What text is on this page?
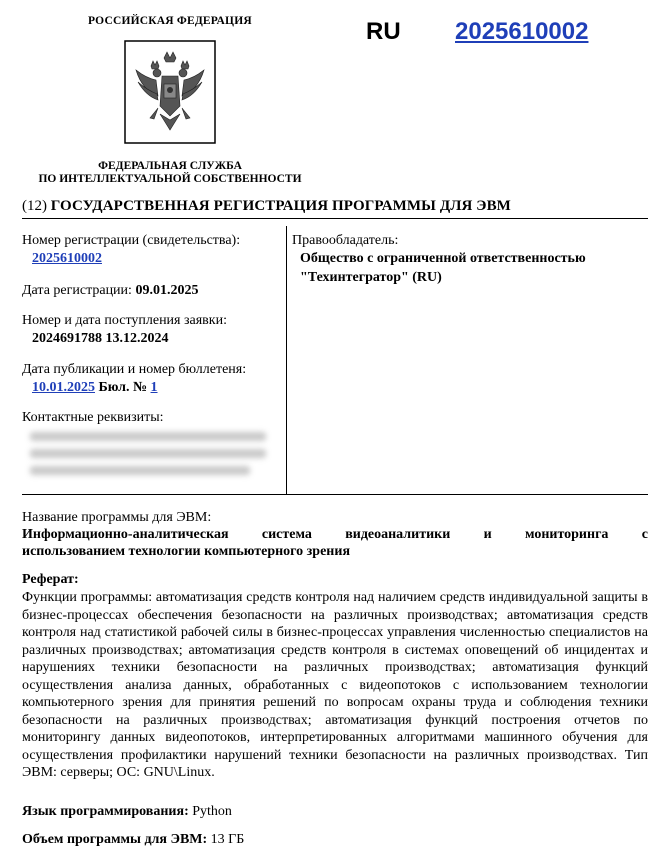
РОССИЙСКАЯ ФЕДЕРАЦИЯ
ФЕДЕРАЛЬНАЯ СЛУЖБА
ПО ИНТЕЛЛЕКТУАЛЬНОЙ СОБСТВЕННОСТИ
RU 2025610002
(12) ГОСУДАРСТВЕННАЯ РЕГИСТРАЦИЯ ПРОГРАММЫ ДЛЯ ЭВМ
Номер регистрации (свидетельства):
2025610002
Дата регистрации: 09.01.2025
Номер и дата поступления заявки:
2024691788 13.12.2024
Дата публикации и номер бюллетеня:
10.01.2025 Бюл. № 1
Контактные реквизиты:
Правообладатель:
Общество с ограниченной ответственностью
"Техинтегратор" (RU)
Название программы для ЭВМ:
Информационно-аналитическая система видеоаналитики и мониторинга с
использованием технологии компьютерного зрения
Реферат:
Функции программы: автоматизация средств контроля над наличием средств индивидуальной защиты в бизнес-процессах обеспечения безопасности на различных производствах; автоматизация средств контроля над статистикой рабочей силы в бизнес-процессах управления численностью специалистов на различных производствах; автоматизация средств контроля в системах оповещений об инцидентах и нарушениях техники безопасности на различных производствах; автоматизация функций осуществления анализа данных, обработанных с видеопотоков с использованием технологии компьютерного зрения для принятия решений по вопросам охраны труда и соблюдения техники безопасности на различных производствах; автоматизация функций построения отчетов по мониторингу данных видеопотоков, интерпретированных алгоритмами машинного обучения для осуществления профилактики нарушений техники безопасности на различных производствах. Тип ЭВМ: серверы; ОС: GNU\Linux.
Язык программирования: Python
Объем программы для ЭВМ: 13 ГБ
